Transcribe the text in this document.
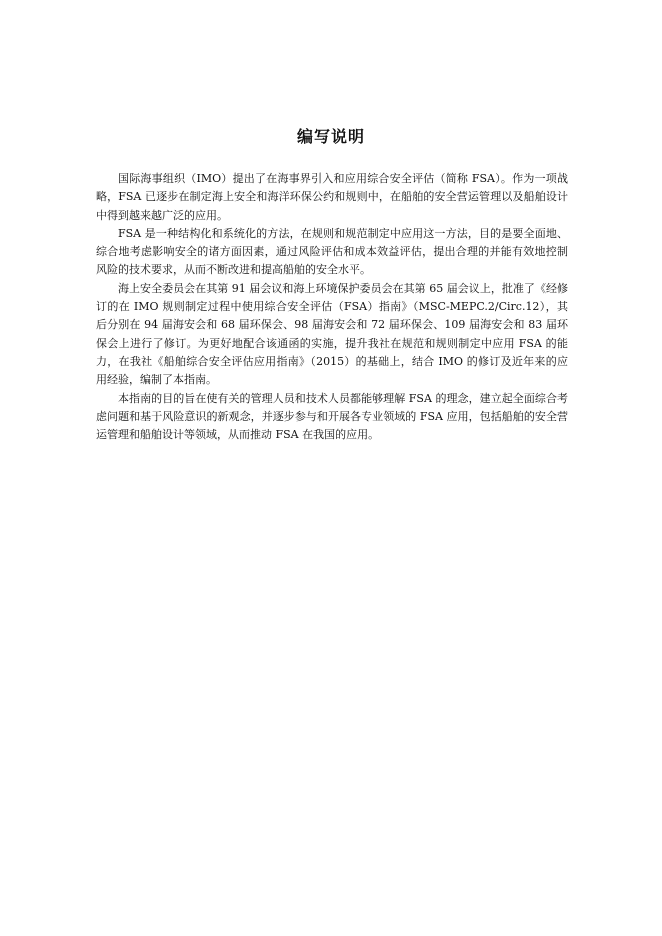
编写说明

国际海事组织（IMO）提出了在海事界引入和应用综合安全评估（简称 FSA）。作为一项战略，FSA 已逐步在制定海上安全和海洋环保公约和规则中，在船舶的安全营运管理以及船舶设计中得到越来越广泛的应用。

FSA 是一种结构化和系统化的方法，在规则和规范制定中应用这一方法，目的是要全面地、综合地考虑影响安全的诸方面因素，通过风险评估和成本效益评估，提出合理的并能有效地控制风险的技术要求，从而不断改进和提高船舶的安全水平。

海上安全委员会在其第 91 届会议和海上环境保护委员会在其第 65 届会议上，批准了《经修订的在 IMO 规则制定过程中使用综合安全评估（FSA）指南》（MSC-MEPC.2/Circ.12），其后分别在 94 届海安会和 68 届环保会、98 届海安会和 72 届环保会、109 届海安会和 83 届环保会上进行了修订。为更好地配合该通函的实施，提升我社在规范和规则制定中应用 FSA 的能力，在我社《船舶综合安全评估应用指南》（2015）的基础上，结合 IMO 的修订及近年来的应用经验，编制了本指南。

本指南的目的旨在使有关的管理人员和技术人员都能够理解 FSA 的理念，建立起全面综合考虑问题和基于风险意识的新观念，并逐步参与和开展各专业领域的 FSA 应用，包括船舶的安全营运管理和船舶设计等领域，从而推动 FSA 在我国的应用。
